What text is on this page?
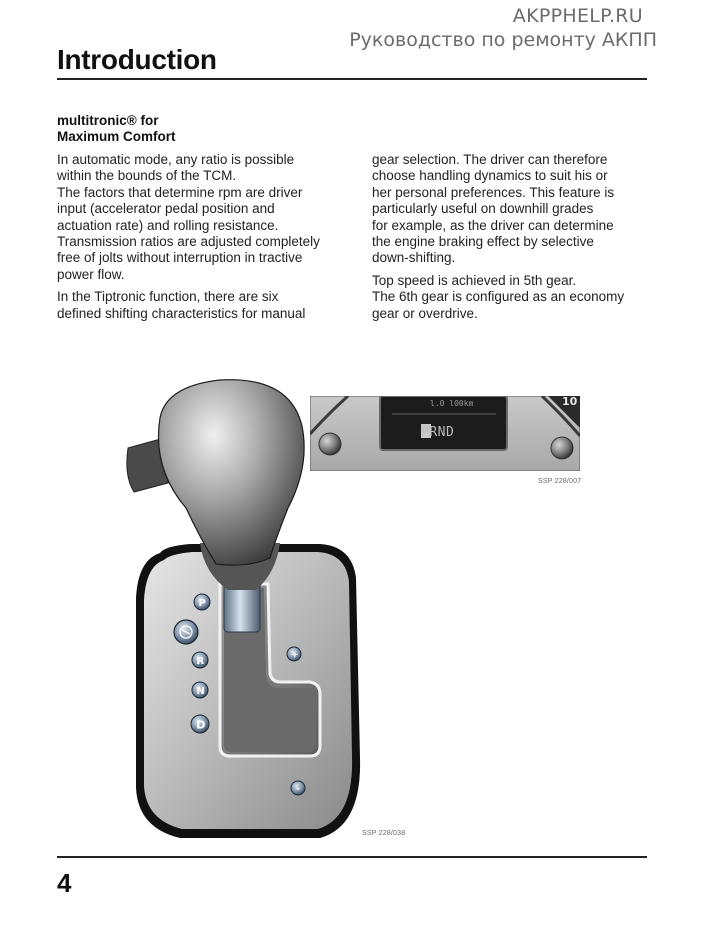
AKPPHELP.RU
Руководство по ремонту АКПП
Introduction
multitronic® for
Maximum Comfort

In automatic mode, any ratio is possible
within the bounds of the TCM.
The factors that determine rpm are driver
input (accelerator pedal position and
actuation rate) and rolling resistance.
Transmission ratios are adjusted completely
free of jolts without interruption in tractive
power flow.

In the Tiptronic function, there are six
defined shifting characteristics for manual

gear selection. The driver can therefore
choose handling dynamics to suit his or
her personal preferences. This feature is
particularly useful on downhill grades
for example, as the driver can determine
the engine braking effect by selective
down-shifting.

Top speed is achieved in 5th gear.
The 6th gear is configured as an economy
gear or overdrive.

10
l.0 l00km
PRND
SSP 228/007
P
R
N
D
+
-
SSP 228/038
4
